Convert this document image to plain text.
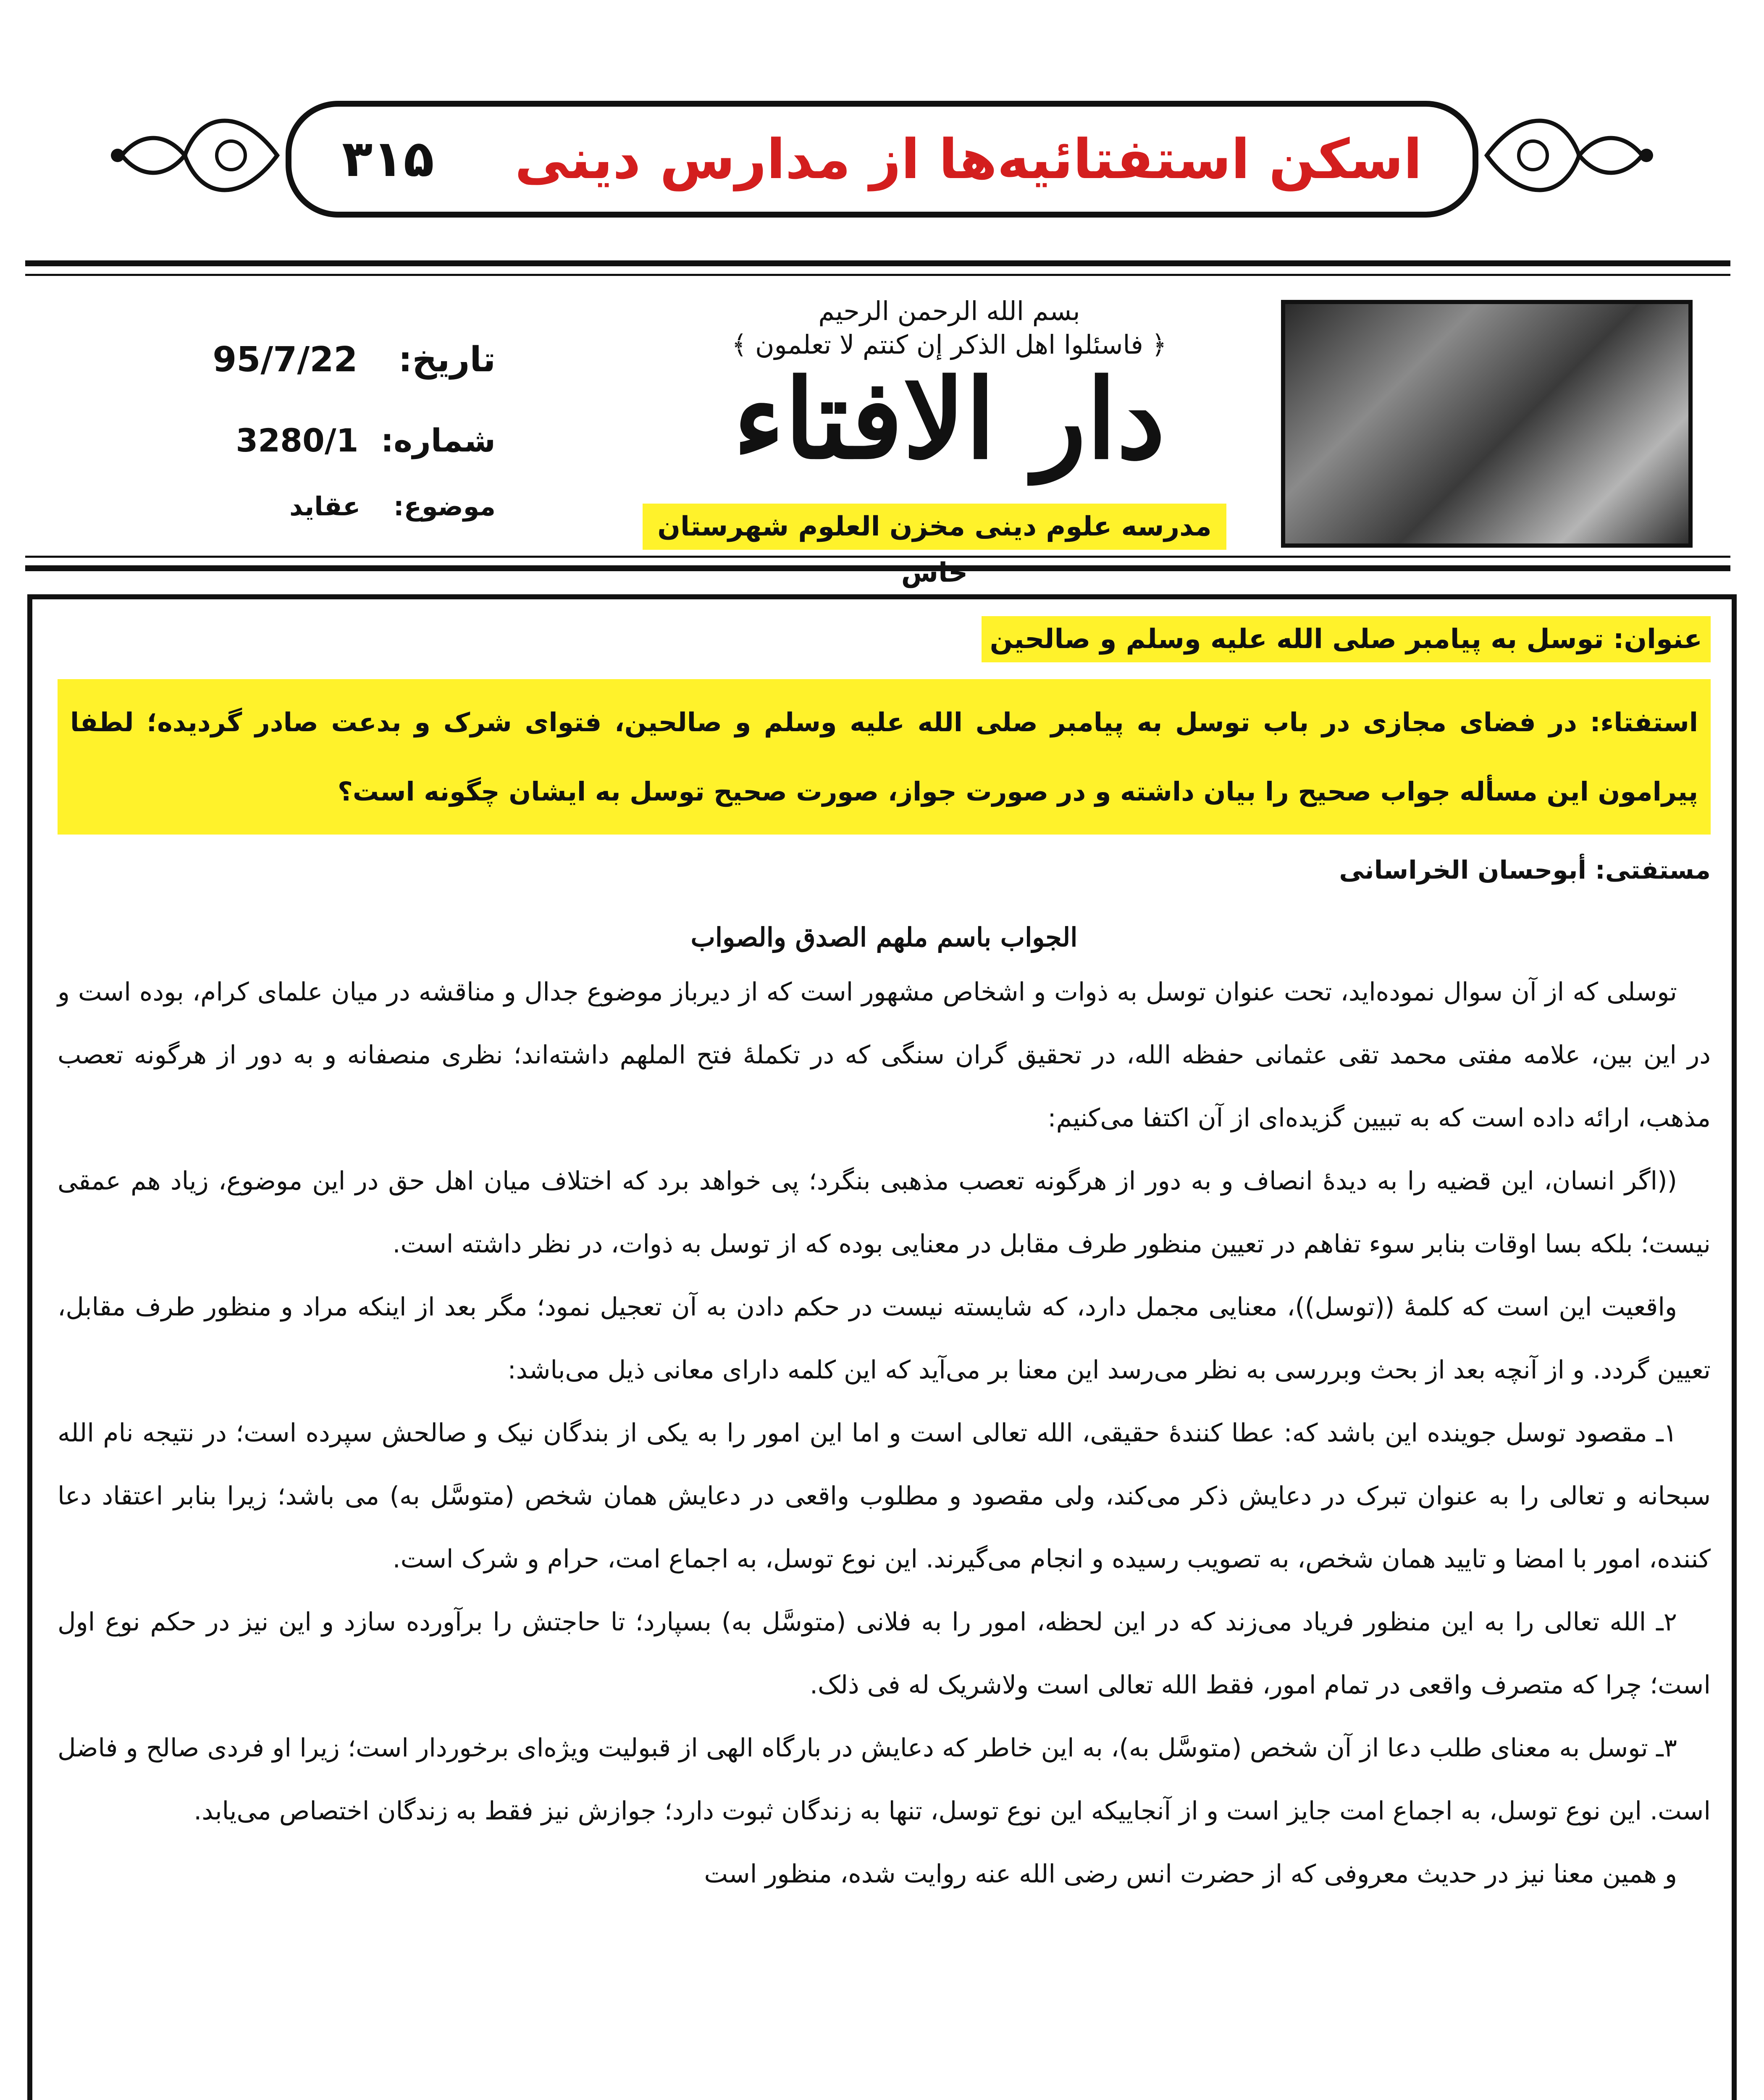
اسکن استفتائیه‌ها از مدارس دینی
۳۱۵
بسم الله الرحمن الرحیم
﴿ فاسئلوا اهل الذکر إن کنتم لا تعلمون ﴾
دار الافتاء
مدرسه علوم دینی مخزن العلوم شهرستان خاش
تاریخ: 95/7/22
شماره: 3280/1
موضوع: عقاید
عنوان: توسل به پیامبر صلی الله علیه وسلم و صالحین
استفتاء: در فضای مجازی در باب توسل به پیامبر صلی الله علیه وسلم و صالحین، فتوای شرک و بدعت صادر گردیده؛ لطفا پیرامون این مسأله جواب صحیح را بیان داشته و در صورت جواز، صورت صحیح توسل به ایشان چگونه است؟
مستفتی: أبوحسان الخراسانی
الجواب باسم ملهم الصدق والصواب

توسلی که از آن سوال نموده‌اید، تحت عنوان توسل به ذوات و اشخاص مشهور است که از دیرباز موضوع جدال و مناقشه در میان علمای کرام، بوده است و در این بین، علامه مفتی محمد تقی عثمانی حفظه الله، در تحقیق گران سنگی که در تکملهٔ فتح الملهم داشته‌اند؛ نظری منصفانه و به دور از هرگونه تعصب مذهب، ارائه داده است که به تبیین گزیده‌ای از آن اکتفا می‌کنیم:

((اگر انسان، این قضیه را به دیدهٔ انصاف و به دور از هرگونه تعصب مذهبی بنگرد؛ پی خواهد برد که اختلاف میان اهل حق در این موضوع، زیاد هم عمقی نیست؛ بلکه بسا اوقات بنابر سوء تفاهم در تعیین منظور طرف مقابل در معنایی بوده که از توسل به ذوات، در نظر داشته است.

واقعیت این است که کلمهٔ ((توسل))، معنایی مجمل دارد، که شایسته نیست در حکم دادن به آن تعجیل نمود؛ مگر بعد از اینکه مراد و منظور طرف مقابل، تعیین گردد. و از آنچه بعد از بحث وبررسی به نظر می‌رسد این معنا بر می‌آید که این کلمه دارای معانی ذیل می‌باشد:

۱ـ مقصود توسل جوینده این باشد که: عطا کنندهٔ حقیقی، الله تعالی است و اما این امور را به یکی از بندگان نیک و صالحش سپرده است؛ در نتیجه نام الله سبحانه و تعالی را به عنوان تبرک در دعایش ذکر می‌کند، ولی مقصود و مطلوب واقعی در دعایش همان شخص (متوسَّل به) می باشد؛ زیرا بنابر اعتقاد دعا کننده، امور با امضا و تایید همان شخص، به تصویب رسیده و انجام می‌گیرند. این نوع توسل، به اجماع امت، حرام و شرک است.

۲ـ الله تعالی را به این منظور فریاد می‌زند که در این لحظه، امور را به فلانی (متوسَّل به) بسپارد؛ تا حاجتش را برآورده سازد و این نیز در حکم نوع اول است؛ چرا که متصرف واقعی در تمام امور، فقط الله تعالی است ولاشریک له فی ذلک.

۳ـ توسل به معنای طلب دعا از آن شخص (متوسَّل به)، به این خاطر که دعایش در بارگاه الهی از قبولیت ویژه‌ای برخوردار است؛ زیرا او فردی صالح و فاضل است. این نوع توسل، به اجماع امت جایز است و از آنجاییکه این نوع توسل، تنها به زندگان ثبوت دارد؛ جوازش نیز فقط به زندگان اختصاص می‌یابد.

و همین معنا نیز در حدیث معروفی که از حضرت انس رضی الله عنه روایت شده، منظور است
